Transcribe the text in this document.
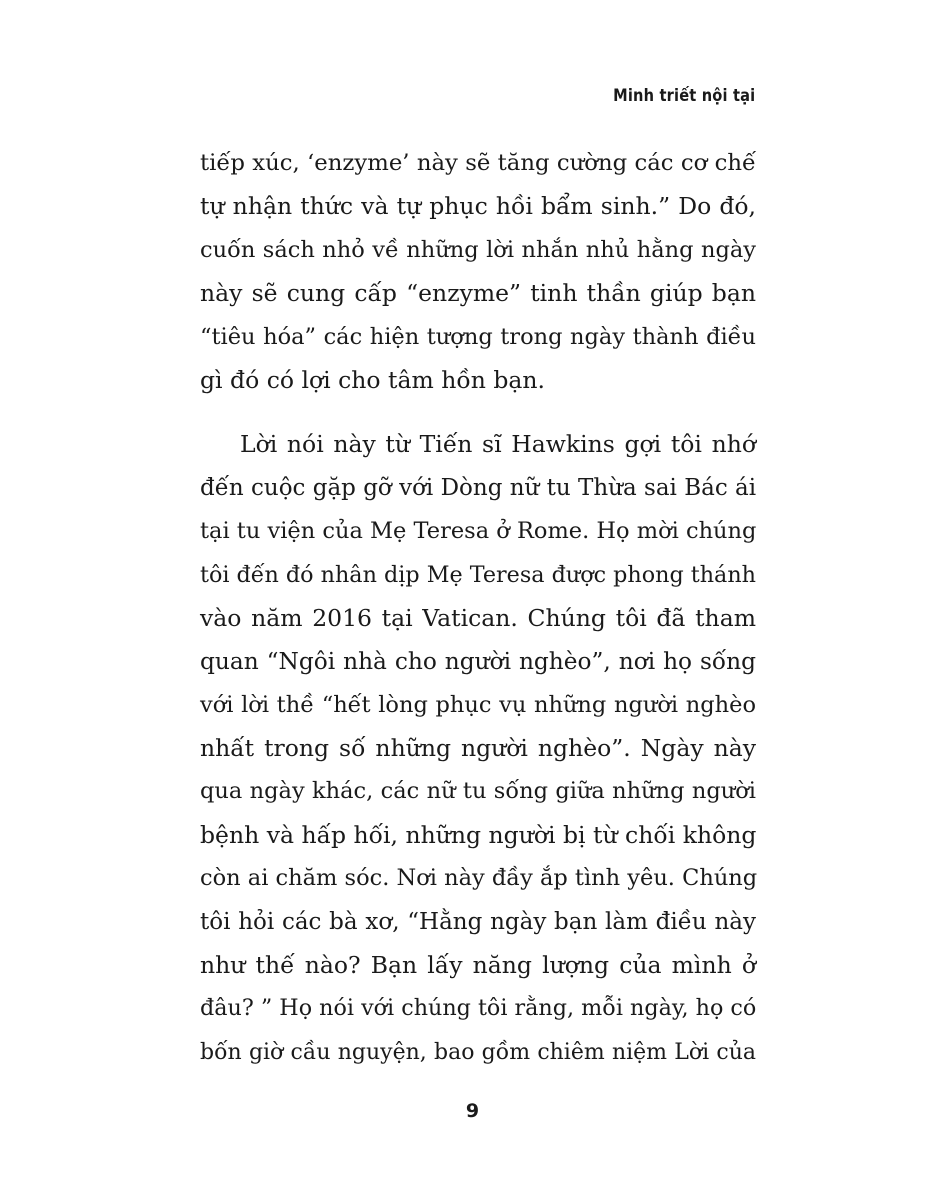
Minh triết nội tại

tiếp xúc, ‘enzyme’ này sẽ tăng cường các cơ chế
tự nhận thức và tự phục hồi bẩm sinh.” Do đó,
cuốn sách nhỏ về những lời nhắn nhủ hằng ngày
này sẽ cung cấp “enzyme” tinh thần giúp bạn
“tiêu hóa” các hiện tượng trong ngày thành điều
gì đó có lợi cho tâm hồn bạn.

Lời nói này từ Tiến sĩ Hawkins gợi tôi nhớ
đến cuộc gặp gỡ với Dòng nữ tu Thừa sai Bác ái
tại tu viện của Mẹ Teresa ở Rome. Họ mời chúng
tôi đến đó nhân dịp Mẹ Teresa được phong thánh
vào năm 2016 tại Vatican. Chúng tôi đã tham
quan “Ngôi nhà cho người nghèo”, nơi họ sống
với lời thề “hết lòng phục vụ những người nghèo
nhất trong số những người nghèo”. Ngày này
qua ngày khác, các nữ tu sống giữa những người
bệnh và hấp hối, những người bị từ chối không
còn ai chăm sóc. Nơi này đầy ắp tình yêu. Chúng
tôi hỏi các bà xơ, “Hằng ngày bạn làm điều này
như thế nào? Bạn lấy năng lượng của mình ở
đâu? ” Họ nói với chúng tôi rằng, mỗi ngày, họ có
bốn giờ cầu nguyện, bao gồm chiêm niệm Lời của

9
